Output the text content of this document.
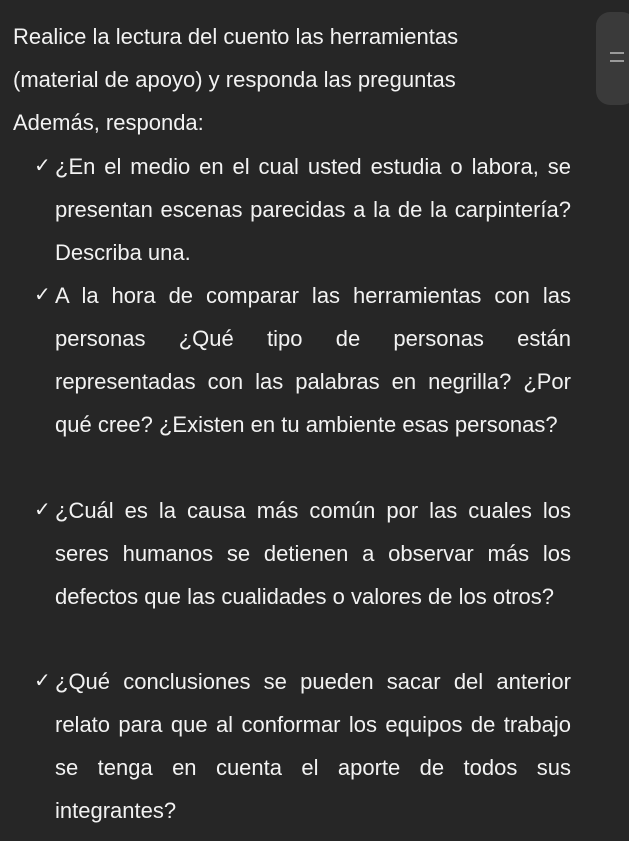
Realice la lectura del cuento las herramientas
(material de apoyo) y responda las preguntas
Además, responda:
✓ ¿En el medio en el cual usted estudia o labora, se presentan escenas parecidas a la de la carpintería? Describa una.
✓ A la hora de comparar las herramientas con las personas ¿Qué tipo de personas están representadas con las palabras en negrilla? ¿Por qué cree? ¿Existen en tu ambiente esas personas?
✓ ¿Cuál es la causa más común por las cuales los seres humanos se detienen a observar más los defectos que las cualidades o valores de los otros?
✓ ¿Qué conclusiones se pueden sacar del anterior relato para que al conformar los equipos de trabajo se tenga en cuenta el aporte de todos sus integrantes?
